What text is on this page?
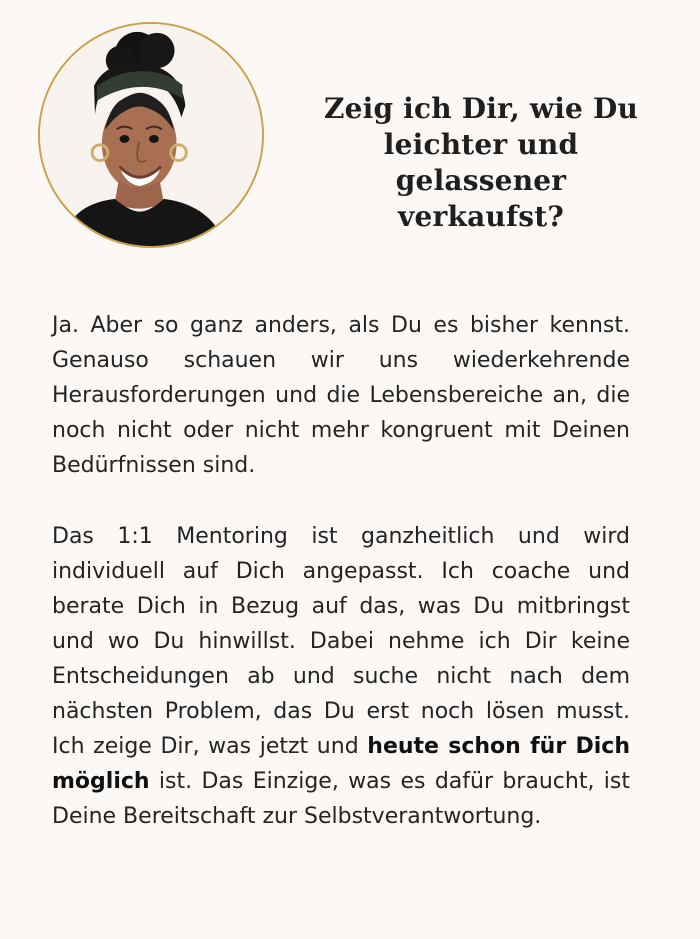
Zeig ich Dir, wie Du
leichter und gelassener
verkaufst?

Ja. Aber so ganz anders, als Du es bisher kennst. Genauso schauen wir uns wiederkehrende Herausforderungen und die Lebensbereiche an, die noch nicht oder nicht mehr kongruent mit Deinen Bedürfnissen sind.

Das 1:1 Mentoring ist ganzheitlich und wird individuell auf Dich angepasst. Ich coache und berate Dich in Bezug auf das, was Du mitbringst und wo Du hinwillst. Dabei nehme ich Dir keine Entscheidungen ab und suche nicht nach dem nächsten Problem, das Du erst noch lösen musst. Ich zeige Dir, was jetzt und heute schon für Dich möglich ist. Das Einzige, was es dafür braucht, ist Deine Bereitschaft zur Selbstverantwortung.
